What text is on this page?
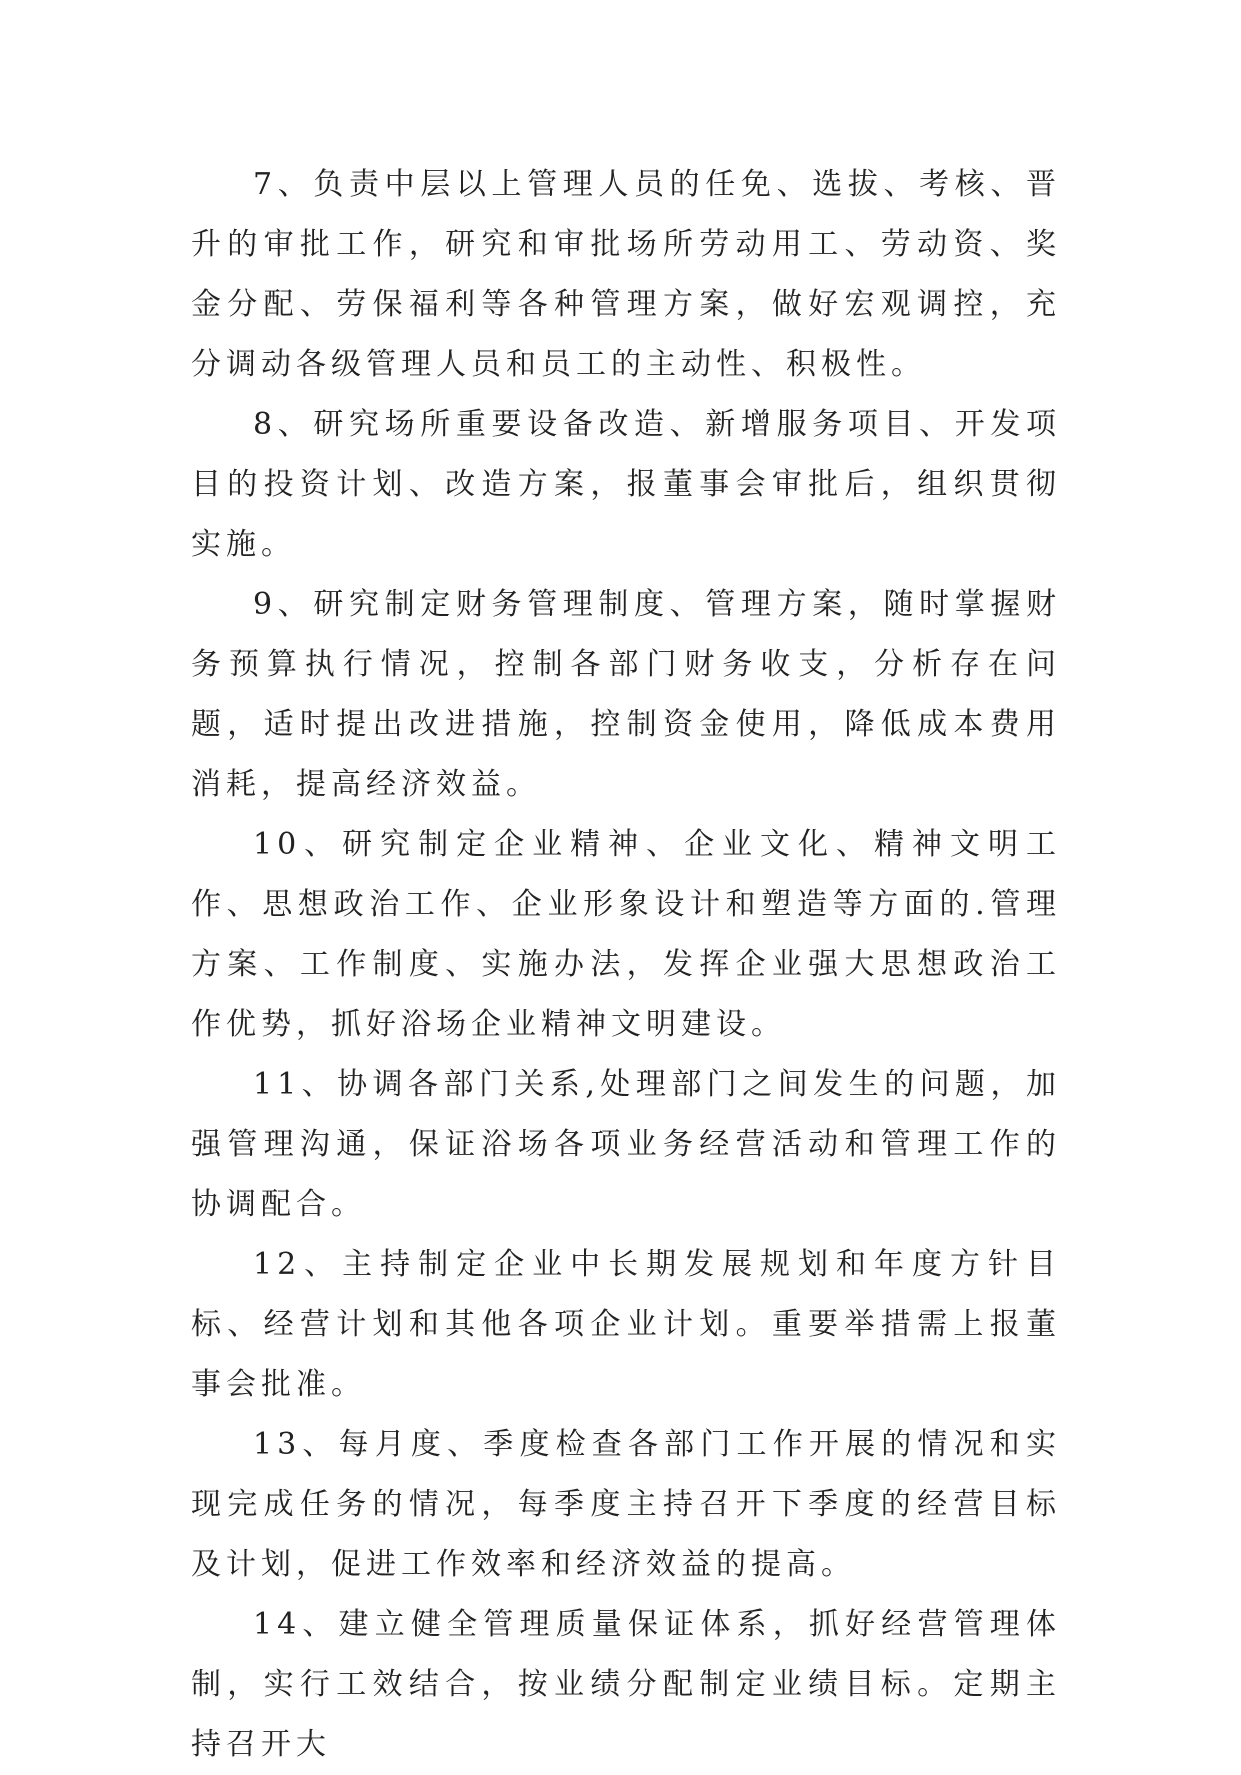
7、负责中层以上管理人员的任免、选拔、考核、晋升的审批工作，研究和审批场所劳动用工、劳动资、奖金分配、劳保福利等各种管理方案，做好宏观调控，充分调动各级管理人员和员工的主动性、积极性。

8、研究场所重要设备改造、新增服务项目、开发项目的投资计划、改造方案，报董事会审批后，组织贯彻实施。

9、研究制定财务管理制度、管理方案，随时掌握财务预算执行情况，控制各部门财务收支，分析存在问题，适时提出改进措施，控制资金使用，降低成本费用消耗，提高经济效益。

10、研究制定企业精神、企业文化、精神文明工作、思想政治工作、企业形象设计和塑造等方面的.管理方案、工作制度、实施办法，发挥企业强大思想政治工作优势，抓好浴场企业精神文明建设。

11、协调各部门关系,处理部门之间发生的问题，加强管理沟通，保证浴场各项业务经营活动和管理工作的协调配合。

12、主持制定企业中长期发展规划和年度方针目标、经营计划和其他各项企业计划。重要举措需上报董事会批准。

13、每月度、季度检查各部门工作开展的情况和实现完成任务的情况，每季度主持召开下季度的经营目标及计划，促进工作效率和经济效益的提高。

14、建立健全管理质量保证体系，抓好经营管理体制，实行工效结合，按业绩分配制定业绩目标。定期主持召开大
